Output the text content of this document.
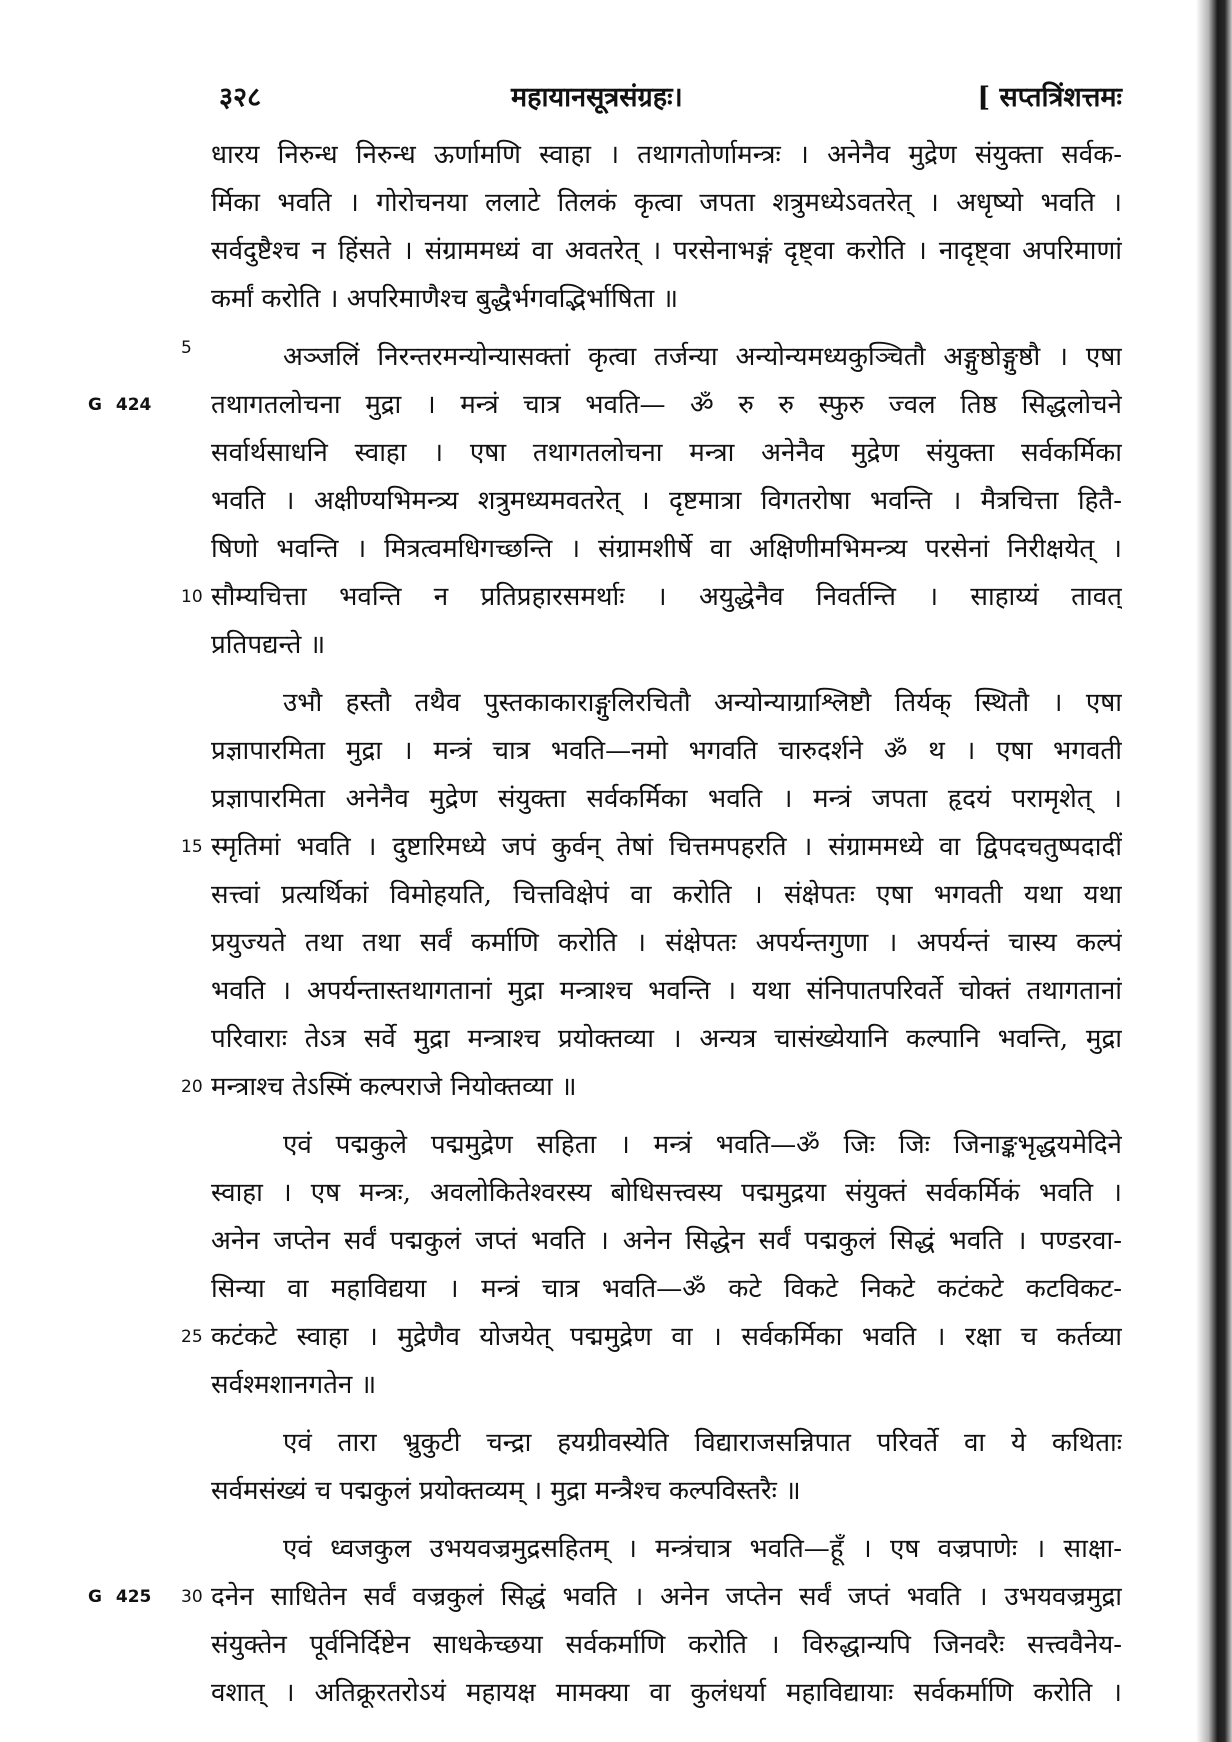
३२८	महायानसूत्रसंग्रहः।	[ सप्तत्रिंशत्तमः
धारय निरुन्ध निरुन्ध ऊर्णामणि स्वाहा । तथागतोर्णामन्त्रः । अनेनैव मुद्रेण संयुक्ता सर्वक-
र्मिका भवति । गोरोचनया ललाटे तिलकं कृत्वा जपता शत्रुमध्येऽवतरेत् । अधृष्यो भवति ।
सर्वदुष्टैश्च न हिंसते । संग्राममध्यं वा अवतरेत् । परसेनाभङ्गं दृष्ट्वा करोति । नादृष्ट्वा अपरिमाणां
कर्मां करोति । अपरिमाणैश्च बुद्धैर्भगवद्भिर्भाषिता ॥
5	अञ्जलिं निरन्तरमन्योन्यासक्तां कृत्वा तर्जन्या अन्योन्यमध्यकुञ्चितौ अङ्गुष्ठोङ्गुष्ठौ । एषा
G 424 तथागतलोचना मुद्रा । मन्त्रं चात्र भवति— ॐ रु रु स्फुरु ज्वल तिष्ठ सिद्धलोचने
सर्वार्थसाधनि स्वाहा । एषा तथागतलोचना मन्त्रा अनेनैव मुद्रेण संयुक्ता सर्वकर्मिका
भवति । अक्षीण्यभिमन्त्र्य शत्रुमध्यमवतरेत् । दृष्टमात्रा विगतरोषा भवन्ति । मैत्रचित्ता हितै-
षिणो भवन्ति । मित्रत्वमधिगच्छन्ति । संग्रामशीर्षे वा अक्षिणीमभिमन्त्र्य परसेनां निरीक्षयेत् ।
10 सौम्यचित्ता भवन्ति न प्रतिप्रहारसमर्थाः । अयुद्धेनैव निवर्तन्ति । साहाय्यं तावत्
प्रतिपद्यन्ते ॥
उभौ हस्तौ तथैव पुस्तकाकाराङ्गुलिरचितौ अन्योन्याग्राश्लिष्टौ तिर्यक् स्थितौ । एषा
प्रज्ञापारमिता मुद्रा । मन्त्रं चात्र भवति—नमो भगवति चारुदर्शने ॐ थ । एषा भगवती
प्रज्ञापारमिता अनेनैव मुद्रेण संयुक्ता सर्वकर्मिका भवति । मन्त्रं जपता हृदयं परामृशेत् ।
15 स्मृतिमां भवति । दुष्टारिमध्ये जपं कुर्वन् तेषां चित्तमपहरति । संग्राममध्ये वा द्विपदचतुष्पदादीं
सत्त्वां प्रत्यर्थिकां विमोहयति, चित्तविक्षेपं वा करोति । संक्षेपतः एषा भगवती यथा यथा
प्रयुज्यते तथा तथा सर्वं कर्माणि करोति । संक्षेपतः अपर्यन्तगुणा । अपर्यन्तं चास्य कल्पं
भवति । अपर्यन्तास्तथागतानां मुद्रा मन्त्राश्च भवन्ति । यथा संनिपातपरिवर्ते चोक्तं तथागतानां
परिवाराः तेऽत्र सर्वे मुद्रा मन्त्राश्च प्रयोक्तव्या । अन्यत्र चासंख्येयानि कल्पानि भवन्ति, मुद्रा
20 मन्त्राश्च तेऽस्मिं कल्पराजे नियोक्तव्या ॥
एवं पद्मकुले पद्ममुद्रेण सहिता । मन्त्रं भवति—ॐ जिः जिः जिनाङ्कभृद्धयमेदिने
स्वाहा । एष मन्त्रः, अवलोकितेश्वरस्य बोधिसत्त्वस्य पद्ममुद्रया संयुक्तं सर्वकर्मिकं भवति ।
अनेन जप्तेन सर्वं पद्मकुलं जप्तं भवति । अनेन सिद्धेन सर्वं पद्मकुलं सिद्धं भवति । पण्डरवा-
सिन्या वा महाविद्यया । मन्त्रं चात्र भवति—ॐ कटे विकटे निकटे कटंकटे कटविकट-
25 कटंकटे स्वाहा । मुद्रेणैव योजयेत् पद्ममुद्रेण वा । सर्वकर्मिका भवति । रक्षा च कर्तव्या
सर्वश्मशानगतेन ॥
एवं तारा भ्रुकुटी चन्द्रा हयग्रीवस्येति विद्याराजसन्निपात परिवर्ते वा ये कथिताः
सर्वमसंख्यं च पद्मकुलं प्रयोक्तव्यम् । मुद्रा मन्त्रैश्च कल्पविस्तरैः ॥
एवं ध्वजकुल उभयवज्रमुद्रसहितम् । मन्त्रंचात्र भवति—हूँ । एष वज्रपाणेः । साक्षा-
G 425 30 दनेन साधितेन सर्वं वज्रकुलं सिद्धं भवति । अनेन जप्तेन सर्वं जप्तं भवति । उभयवज्रमुद्रा
संयुक्तेन पूर्वनिर्दिष्टेन साधकेच्छया सर्वकर्माणि करोति । विरुद्धान्यपि जिनवरैः सत्त्ववैनेय-
वशात् । अतिक्रूरतरोऽयं महायक्ष मामक्या वा कुलंधर्या महाविद्यायाः सर्वकर्माणि करोति ।
